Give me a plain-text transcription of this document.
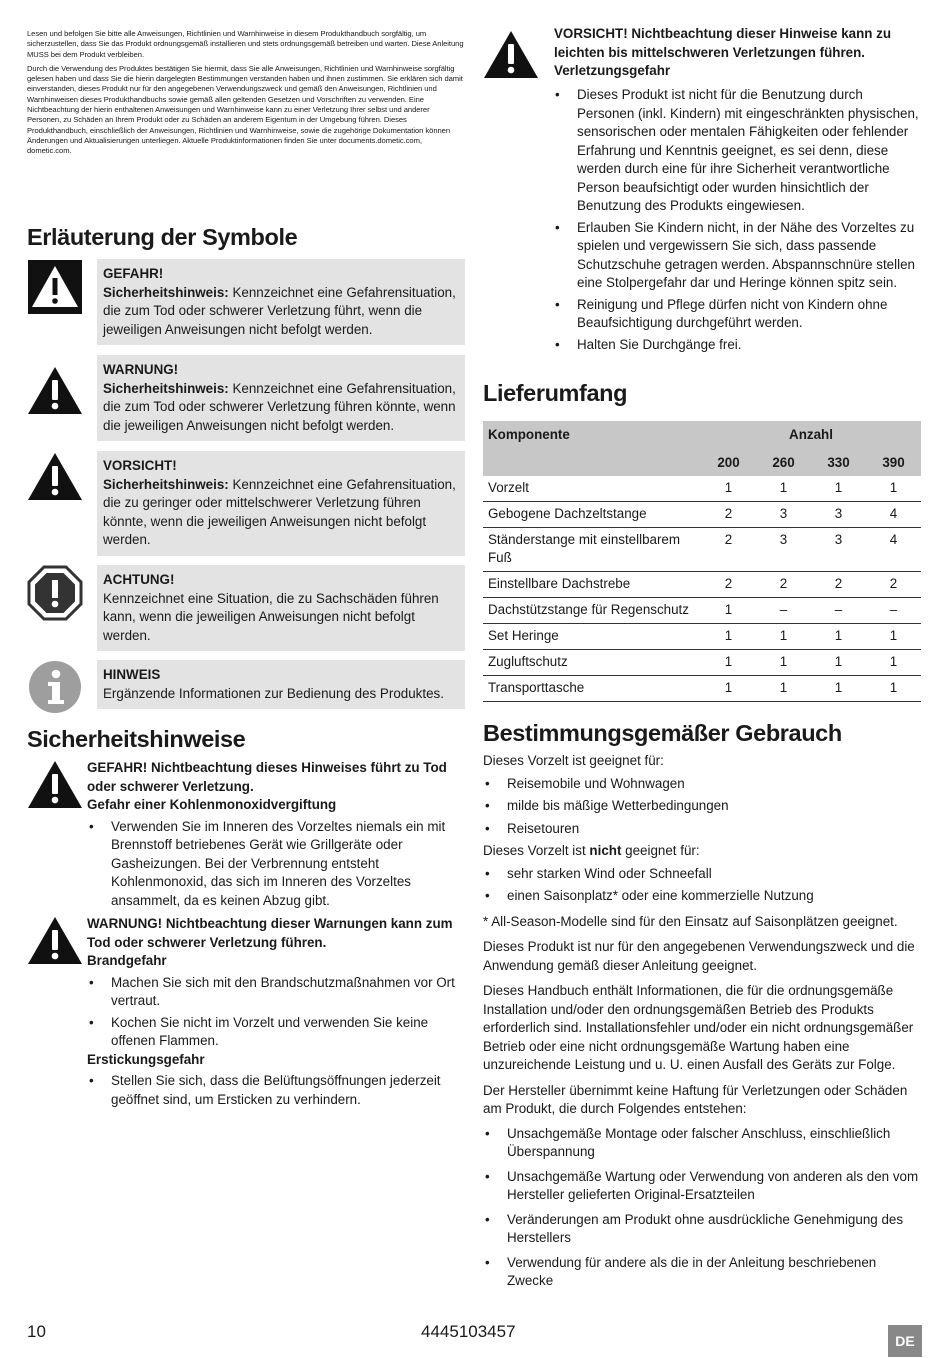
Lesen und befolgen Sie bitte alle Anweisungen, Richtlinien und Warnhinweise in diesem Produkthandbuch sorgfältig, um sicherzustellen, dass Sie das Produkt ordnungsgemäß installieren und stets ordnungsgemäß betreiben und warten. Diese Anleitung MUSS bei dem Produkt verbleiben.

Durch die Verwendung des Produktes bestätigen Sie hiermit, dass Sie alle Anweisungen, Richtlinien und Warnhinweise sorgfältig gelesen haben und dass Sie die hierin dargelegten Bestimmungen verstanden haben und ihnen zustimmen. Sie erklären sich damit einverstanden, dieses Produkt nur für den angegebenen Verwendungszweck und gemäß den Anweisungen, Richtlinien und Warnhinweisen dieses Produkthandbuchs sowie gemäß allen geltenden Gesetzen und Vorschriften zu verwenden. Eine Nichtbeachtung der hierin enthaltenen Anweisungen und Warnhinweise kann zu einer Verletzung Ihrer selbst und anderer Personen, zu Schäden an Ihrem Produkt oder zu Schäden an anderem Eigentum in der Umgebung führen. Dieses Produkthandbuch, einschließlich der Anweisungen, Richtlinien und Warnhinweise, sowie die zugehörige Dokumentation können Änderungen und Aktualisierungen unterliegen. Aktuelle Produktinformationen finden Sie unter documents.dometic.com, dometic.com.

Erläuterung der Symbole
GEFAHR!
Sicherheitshinweis: Kennzeichnet eine Gefahrensituation, die zum Tod oder schwerer Verletzung führt, wenn die jeweiligen Anweisungen nicht befolgt werden.
WARNUNG!
Sicherheitshinweis: Kennzeichnet eine Gefahrensituation, die zum Tod oder schwerer Verletzung führen könnte, wenn die jeweiligen Anweisungen nicht befolgt werden.
VORSICHT!
Sicherheitshinweis: Kennzeichnet eine Gefahrensituation, die zu geringer oder mittelschwerer Verletzung führen könnte, wenn die jeweiligen Anweisungen nicht befolgt werden.
ACHTUNG!
Kennzeichnet eine Situation, die zu Sachschäden führen kann, wenn die jeweiligen Anweisungen nicht befolgt werden.
HINWEIS
Ergänzende Informationen zur Bedienung des Produktes.
Sicherheitshinweise
GEFAHR! Nichtbeachtung dieses Hinweises führt zu Tod oder schwerer Verletzung.
Gefahr einer Kohlenmonoxidvergiftung
• Verwenden Sie im Inneren des Vorzeltes niemals ein mit Brennstoff betriebenes Gerät wie Grillgeräte oder Gasheizungen. Bei der Verbrennung entsteht Kohlenmonoxid, das sich im Inneren des Vorzeltes ansammelt, da es keinen Abzug gibt.
WARNUNG! Nichtbeachtung dieser Warnungen kann zum Tod oder schwerer Verletzung führen.
Brandgefahr
• Machen Sie sich mit den Brandschutzmaßnahmen vor Ort vertraut.
• Kochen Sie nicht im Vorzelt und verwenden Sie keine offenen Flammen.
Erstickungsgefahr
• Stellen Sie sich, dass die Belüftungsöffnungen jederzeit geöffnet sind, um Ersticken zu verhindern.
VORSICHT! Nichtbeachtung dieser Hinweise kann zu leichten bis mittelschweren Verletzungen führen.
Verletzungsgefahr
• Dieses Produkt ist nicht für die Benutzung durch Personen (inkl. Kindern) mit eingeschränkten physischen, sensorischen oder mentalen Fähigkeiten oder fehlender Erfahrung und Kenntnis geeignet, es sei denn, diese werden durch eine für ihre Sicherheit verantwortliche Person beaufsichtigt oder wurden hinsichtlich der Benutzung des Produkts eingewiesen.
• Erlauben Sie Kindern nicht, in der Nähe des Vorzeltes zu spielen und vergewissern Sie sich, dass passende Schutzschuhe getragen werden. Abspannschnüre stellen eine Stolpergefahr dar und Heringe können spitz sein.
• Reinigung und Pflege dürfen nicht von Kindern ohne Beaufsichtigung durchgeführt werden.
• Halten Sie Durchgänge frei.
Lieferumfang
Komponente	Anzahl			
	200	260	330	390
Vorzelt	1	1	1	1
Gebogene Dachzeltstange	2	3	3	4
Ständerstange mit einstellbarem Fuß	2	3	3	4
Einstellbare Dachstrebe	2	2	2	2
Dachstützstange für Regenschutz	1	–	–	–
Set Heringe	1	1	1	1
Zugluftschutz	1	1	1	1
Transporttasche	1	1	1	1
Bestimmungsgemäßer Gebrauch

Dieses Vorzelt ist geeignet für:

• Reisemobile und Wohnwagen
• milde bis mäßige Wetterbedingungen
• Reisetouren

Dieses Vorzelt ist nicht geeignet für:

• sehr starken Wind oder Schneefall
• einen Saisonplatz* oder eine kommerzielle Nutzung

* All-Season-Modelle sind für den Einsatz auf Saisonplätzen geeignet.

Dieses Produkt ist nur für den angegebenen Verwendungszweck und die Anwendung gemäß dieser Anleitung geeignet.

Dieses Handbuch enthält Informationen, die für die ordnungsgemäße Installation und/oder den ordnungsgemäßen Betrieb des Produkts erforderlich sind. Installationsfehler und/oder ein nicht ordnungsgemäßer Betrieb oder eine nicht ordnungsgemäße Wartung haben eine unzureichende Leistung und u. U. einen Ausfall des Geräts zur Folge.

Der Hersteller übernimmt keine Haftung für Verletzungen oder Schäden am Produkt, die durch Folgendes entstehen:

• Unsachgemäße Montage oder falscher Anschluss, einschließlich Überspannung
• Unsachgemäße Wartung oder Verwendung von anderen als den vom Hersteller gelieferten Original-Ersatzteilen
• Veränderungen am Produkt ohne ausdrückliche Genehmigung des Herstellers
• Verwendung für andere als die in der Anleitung beschriebenen Zwecke
10	4445103457	DE
